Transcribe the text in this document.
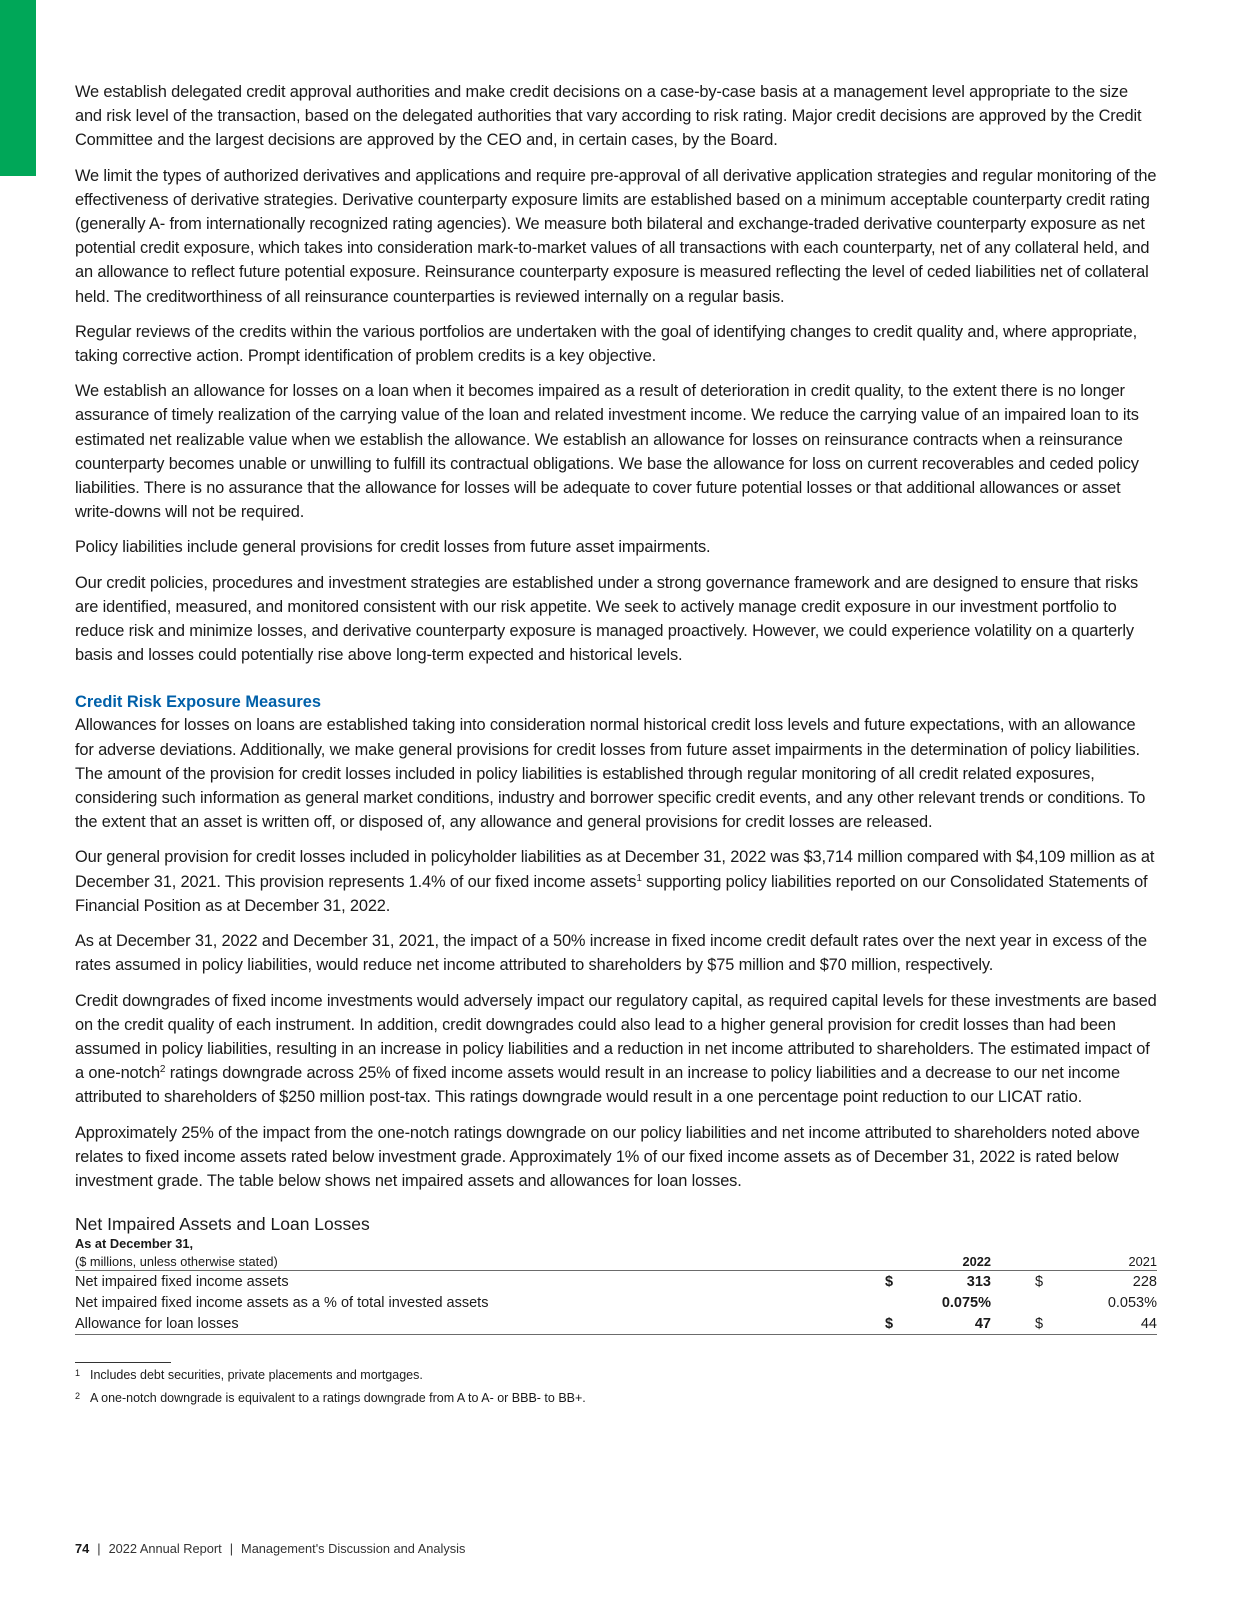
We establish delegated credit approval authorities and make credit decisions on a case-by-case basis at a management level appropriate to the size and risk level of the transaction, based on the delegated authorities that vary according to risk rating. Major credit decisions are approved by the Credit Committee and the largest decisions are approved by the CEO and, in certain cases, by the Board.

We limit the types of authorized derivatives and applications and require pre-approval of all derivative application strategies and regular monitoring of the effectiveness of derivative strategies. Derivative counterparty exposure limits are established based on a minimum acceptable counterparty credit rating (generally A- from internationally recognized rating agencies). We measure both bilateral and exchange-traded derivative counterparty exposure as net potential credit exposure, which takes into consideration mark-to-market values of all transactions with each counterparty, net of any collateral held, and an allowance to reflect future potential exposure. Reinsurance counterparty exposure is measured reflecting the level of ceded liabilities net of collateral held. The creditworthiness of all reinsurance counterparties is reviewed internally on a regular basis.

Regular reviews of the credits within the various portfolios are undertaken with the goal of identifying changes to credit quality and, where appropriate, taking corrective action. Prompt identification of problem credits is a key objective.

We establish an allowance for losses on a loan when it becomes impaired as a result of deterioration in credit quality, to the extent there is no longer assurance of timely realization of the carrying value of the loan and related investment income. We reduce the carrying value of an impaired loan to its estimated net realizable value when we establish the allowance. We establish an allowance for losses on reinsurance contracts when a reinsurance counterparty becomes unable or unwilling to fulfill its contractual obligations. We base the allowance for loss on current recoverables and ceded policy liabilities. There is no assurance that the allowance for losses will be adequate to cover future potential losses or that additional allowances or asset write-downs will not be required.

Policy liabilities include general provisions for credit losses from future asset impairments.

Our credit policies, procedures and investment strategies are established under a strong governance framework and are designed to ensure that risks are identified, measured, and monitored consistent with our risk appetite. We seek to actively manage credit exposure in our investment portfolio to reduce risk and minimize losses, and derivative counterparty exposure is managed proactively. However, we could experience volatility on a quarterly basis and losses could potentially rise above long-term expected and historical levels.

Credit Risk Exposure Measures

Allowances for losses on loans are established taking into consideration normal historical credit loss levels and future expectations, with an allowance for adverse deviations. Additionally, we make general provisions for credit losses from future asset impairments in the determination of policy liabilities. The amount of the provision for credit losses included in policy liabilities is established through regular monitoring of all credit related exposures, considering such information as general market conditions, industry and borrower specific credit events, and any other relevant trends or conditions. To the extent that an asset is written off, or disposed of, any allowance and general provisions for credit losses are released.

Our general provision for credit losses included in policyholder liabilities as at December 31, 2022 was $3,714 million compared with $4,109 million as at December 31, 2021. This provision represents 1.4% of our fixed income assets$^1$ supporting policy liabilities reported on our Consolidated Statements of Financial Position as at December 31, 2022.

As at December 31, 2022 and December 31, 2021, the impact of a 50% increase in fixed income credit default rates over the next year in excess of the rates assumed in policy liabilities, would reduce net income attributed to shareholders by $75 million and $70 million, respectively.

Credit downgrades of fixed income investments would adversely impact our regulatory capital, as required capital levels for these investments are based on the credit quality of each instrument. In addition, credit downgrades could also lead to a higher general provision for credit losses than had been assumed in policy liabilities, resulting in an increase in policy liabilities and a reduction in net income attributed to shareholders. The estimated impact of a one-notch$^2$ ratings downgrade across 25% of fixed income assets would result in an increase to policy liabilities and a decrease to our net income attributed to shareholders of $250 million post-tax. This ratings downgrade would result in a one percentage point reduction to our LICAT ratio.

Approximately 25% of the impact from the one-notch ratings downgrade on our policy liabilities and net income attributed to shareholders noted above relates to fixed income assets rated below investment grade. Approximately 1% of our fixed income assets as of December 31, 2022 is rated below investment grade. The table below shows net impaired assets and allowances for loan losses.

Net Impaired Assets and Loan Losses
As at December 31,
($ millions, unless otherwise stated)		2022			2021
Net impaired fixed income assets	$	313		$	228
Net impaired fixed income assets as a % of total invested assets		0.075%			0.053%
Allowance for loan losses	$	47		$	44
1 Includes debt securities, private placements and mortgages.
2 A one-notch downgrade is equivalent to a ratings downgrade from A to A- or BBB- to BB+.
74 | 2022 Annual Report | Management's Discussion and Analysis
